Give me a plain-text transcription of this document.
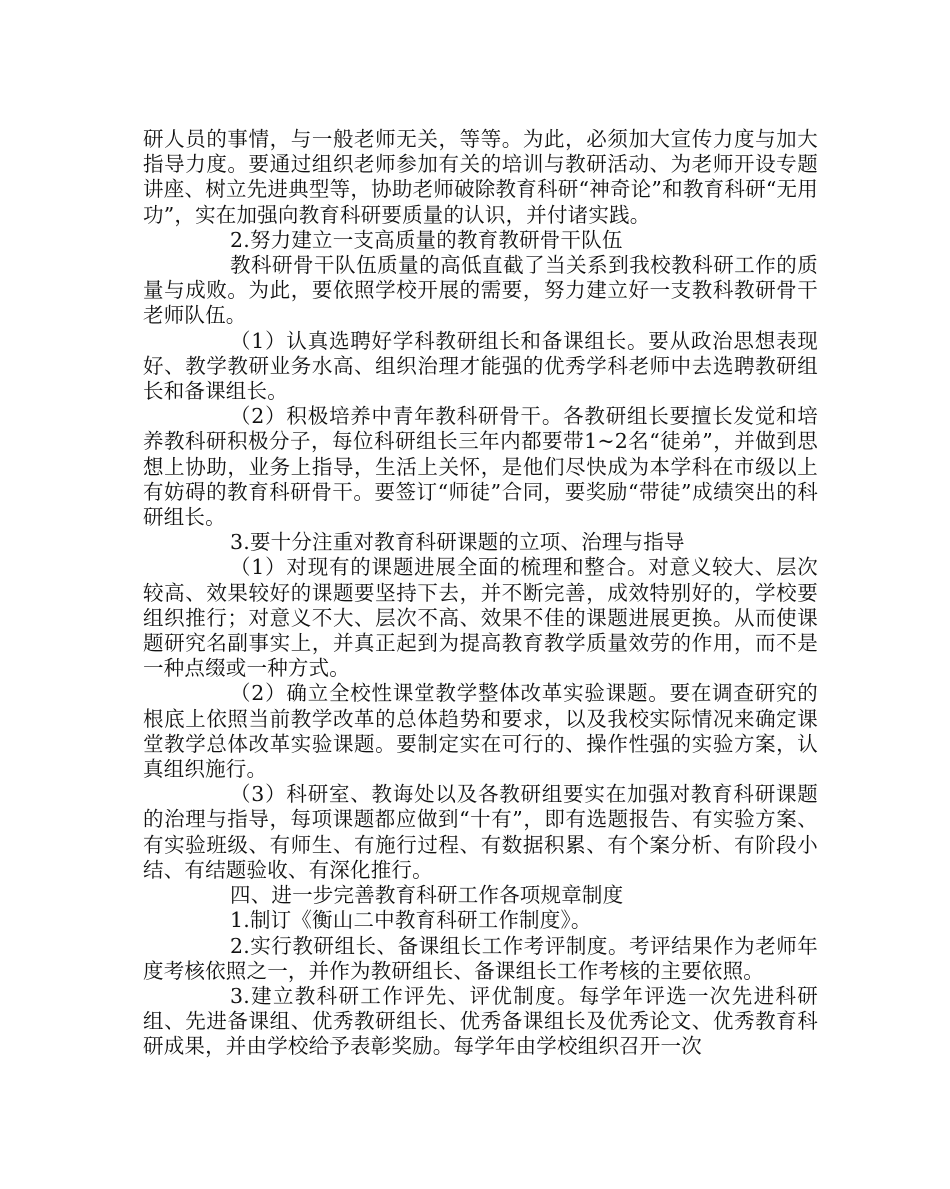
研人员的事情，与一般老师无关，等等。为此，必须加大宣传力度与加大指导力度。要通过组织老师参加有关的培训与教研活动、为老师开设专题讲座、树立先进典型等，协助老师破除教育科研“神奇论”和教育科研“无用功”，实在加强向教育科研要质量的认识，并付诸实践。

2.努力建立一支高质量的教育教研骨干队伍

教科研骨干队伍质量的高低直截了当关系到我校教科研工作的质量与成败。为此，要依照学校开展的需要，努力建立好一支教科教研骨干老师队伍。

（1）认真选聘好学科教研组长和备课组长。要从政治思想表现好、教学教研业务水高、组织治理才能强的优秀学科老师中去选聘教研组长和备课组长。

（2）积极培养中青年教科研骨干。各教研组长要擅长发觉和培养教科研积极分子，每位科研组长三年内都要带1~2名“徒弟”，并做到思想上协助，业务上指导，生活上关怀，是他们尽快成为本学科在市级以上有妨碍的教育科研骨干。要签订“师徒”合同，要奖励“带徒”成绩突出的科研组长。

3.要十分注重对教育科研课题的立项、治理与指导

（1）对现有的课题进展全面的梳理和整合。对意义较大、层次较高、效果较好的课题要坚持下去，并不断完善，成效特别好的，学校要组织推行；对意义不大、层次不高、效果不佳的课题进展更换。从而使课题研究名副事实上，并真正起到为提高教育教学质量效劳的作用，而不是一种点缀或一种方式。

（2）确立全校性课堂教学整体改革实验课题。要在调查研究的根底上依照当前教学改革的总体趋势和要求，以及我校实际情况来确定课堂教学总体改革实验课题。要制定实在可行的、操作性强的实验方案，认真组织施行。

（3）科研室、教诲处以及各教研组要实在加强对教育科研课题的治理与指导，每项课题都应做到“十有”，即有选题报告、有实验方案、有实验班级、有师生、有施行过程、有数据积累、有个案分析、有阶段小结、有结题验收、有深化推行。

四、进一步完善教育科研工作各项规章制度

1.制订《衡山二中教育科研工作制度》。

2.实行教研组长、备课组长工作考评制度。考评结果作为老师年度考核依照之一，并作为教研组长、备课组长工作考核的主要依照。

3.建立教科研工作评先、评优制度。每学年评选一次先进科研组、先进备课组、优秀教研组长、优秀备课组长及优秀论文、优秀教育科研成果，并由学校给予表彰奖励。每学年由学校组织召开一次
